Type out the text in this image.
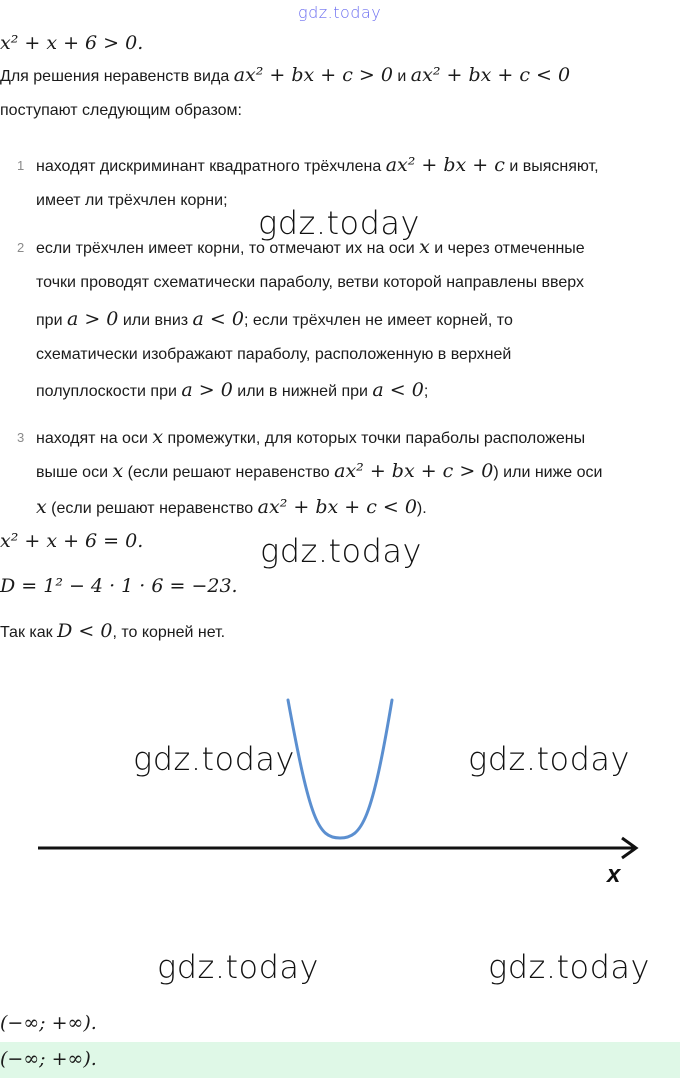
gdz.today
x² + x + 6 > 0.
Для решения неравенств вида ax² + bx + c > 0 и ax² + bx + c < 0
поступают следующим образом:
1 находят дискриминант квадратного трёхчлена ax² + bx + c и выясняют,
имеет ли трёхчлен корни;
gdz.today
2 если трёхчлен имеет корни, то отмечают их на оси x и через отмеченные
точки проводят схематически параболу, ветви которой направлены вверх
при a > 0 или вниз a < 0; если трёхчлен не имеет корней, то
схематически изображают параболу, расположенную в верхней
полуплоскости при a > 0 или в нижней при a < 0;
3 находят на оси x промежутки, для которых точки параболы расположены
выше оси x (если решают неравенство ax² + bx + c > 0) или ниже оси
x (если решают неравенство ax² + bx + c < 0).
x² + x + 6 = 0.	gdz.today
D = 1² − 4 · 1 · 6 = −23.
Так как D < 0, то корней нет.
x
gdz.today	gdz.today
gdz.today	gdz.today
(−∞; +∞).
(−∞; +∞).
